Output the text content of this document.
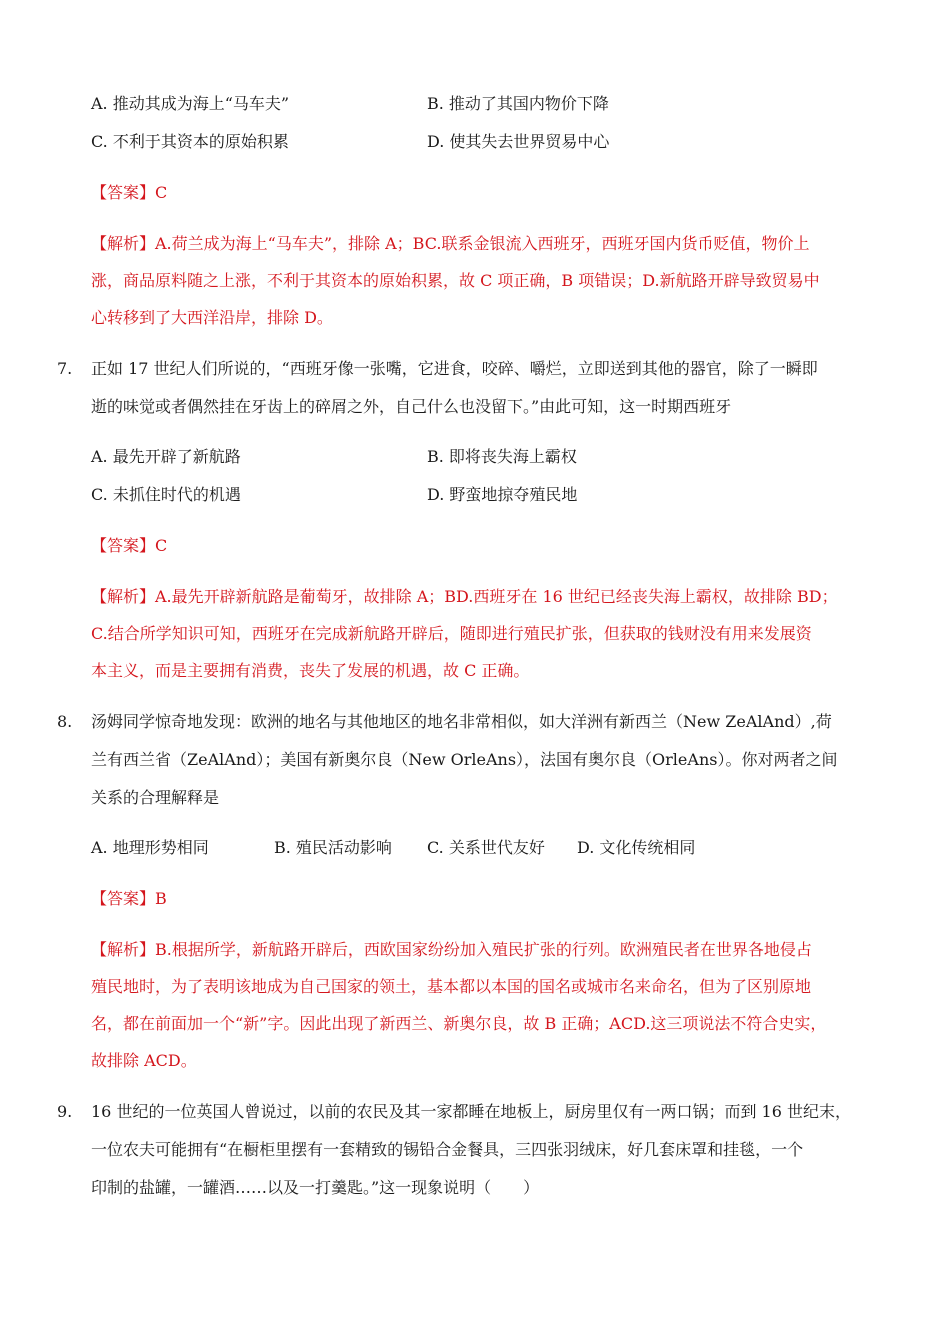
A. 推动其成为海上“马车夫”	B. 推动了其国内物价下降
C. 不利于其资本的原始积累	D. 使其失去世界贸易中心
【答案】C
【解析】A.荷兰成为海上“马车夫”，排除 A；BC.联系金银流入西班牙，西班牙国内货币贬值，物价上
涨，商品原料随之上涨，不利于其资本的原始积累，故 C 项正确，B 项错误；D.新航路开辟导致贸易中
心转移到了大西洋沿岸，排除 D。
7. 正如 17 世纪人们所说的，“西班牙像一张嘴，它进食，咬碎、嚼烂，立即送到其他的器官，除了一瞬即
逝的味觉或者偶然挂在牙齿上的碎屑之外，自己什么也没留下。”由此可知，这一时期西班牙
A. 最先开辟了新航路	B. 即将丧失海上霸权
C. 未抓住时代的机遇	D. 野蛮地掠夺殖民地
【答案】C
【解析】A.最先开辟新航路是葡萄牙，故排除 A；BD.西班牙在 16 世纪已经丧失海上霸权，故排除 BD；
C.结合所学知识可知，西班牙在完成新航路开辟后，随即进行殖民扩张，但获取的钱财没有用来发展资
本主义，而是主要拥有消费，丧失了发展的机遇，故 C 正确。
8. 汤姆同学惊奇地发现：欧洲的地名与其他地区的地名非常相似，如大洋洲有新西兰（New ZeAlAnd）,荷
兰有西兰省（ZeAlAnd）；美国有新奥尔良（New OrleAns），法国有奥尔良（OrleAns）。你对两者之间
关系的合理解释是
A. 地理形势相同	B. 殖民活动影响 C. 关系世代友好 D. 文化传统相同
【答案】B
【解析】B.根据所学，新航路开辟后，西欧国家纷纷加入殖民扩张的行列。欧洲殖民者在世界各地侵占
殖民地时，为了表明该地成为自己国家的领土，基本都以本国的国名或城市名来命名，但为了区别原地
名，都在前面加一个“新”字。因此出现了新西兰、新奥尔良，故 B 正确；ACD.这三项说法不符合史实，
故排除 ACD。
9. 16 世纪的一位英国人曾说过，以前的农民及其一家都睡在地板上，厨房里仅有一两口锅；而到 16 世纪末，
一位农夫可能拥有“在橱柜里摆有一套精致的锡铅合金餐具，三四张羽绒床，好几套床罩和挂毯，一个
印制的盐罐，一罐酒……以及一打羹匙。”这一现象说明（　　）
